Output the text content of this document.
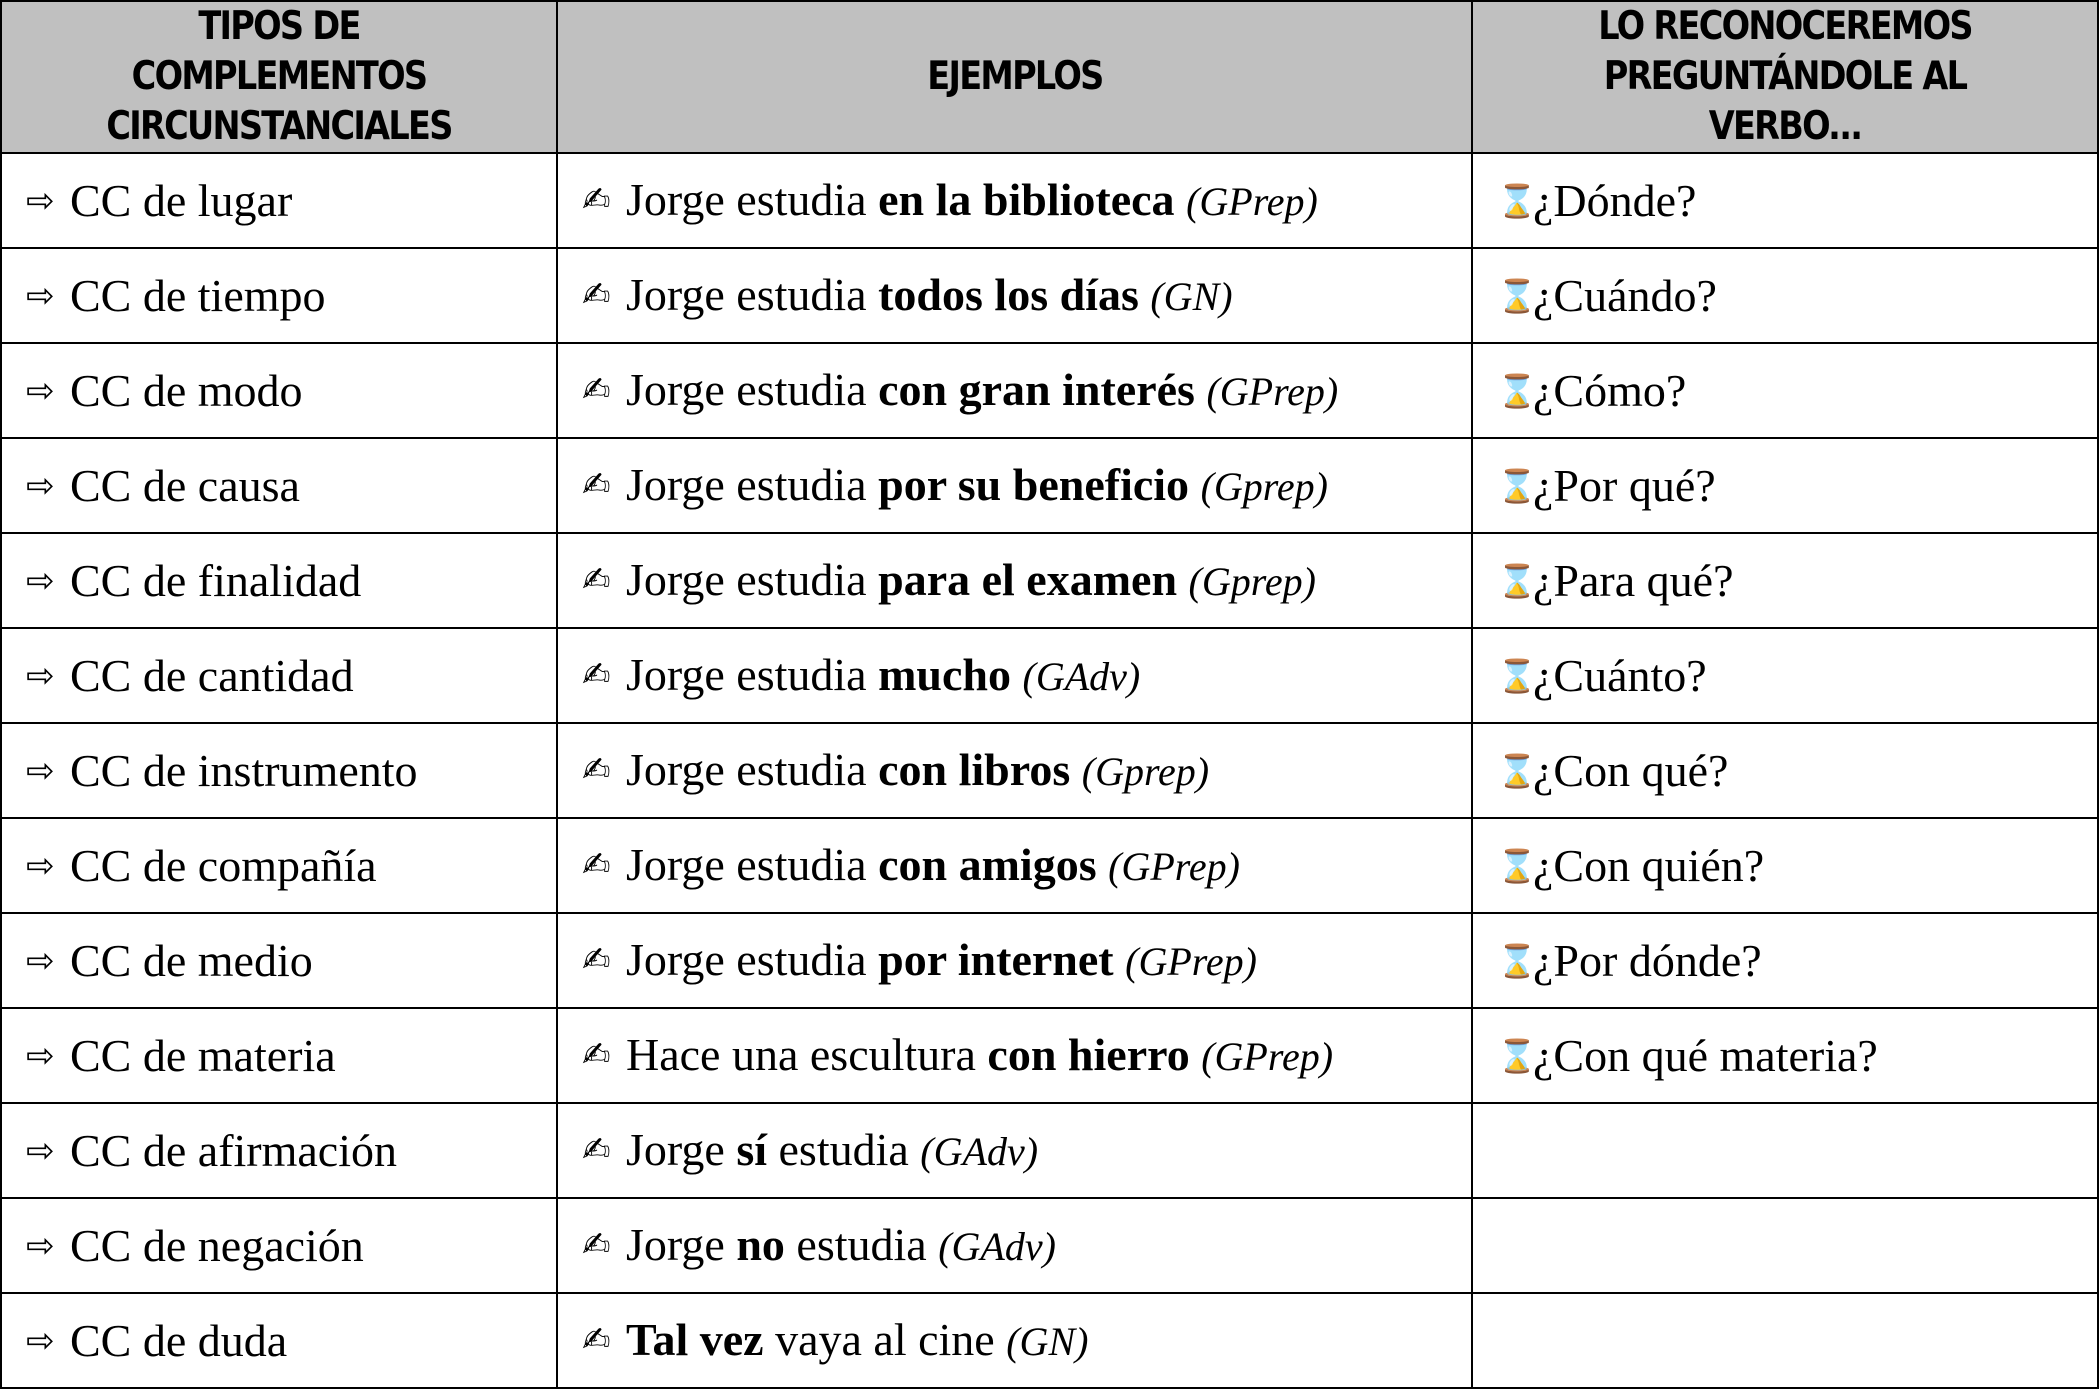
TIPOS DE COMPLEMENTOS CIRCUNSTANCIALES	EJEMPLOS	LO RECONOCEREMOS PREGUNTÁNDOLE AL VERBO...
⇨ CC de lugar	✍ Jorge estudia en la biblioteca (GPrep)	⌛¿Dónde?
⇨ CC de tiempo	✍ Jorge estudia todos los días (GN)	⌛¿Cuándo?
⇨ CC de modo	✍ Jorge estudia con gran interés (GPrep)	⌛¿Cómo?
⇨ CC de causa	✍ Jorge estudia por su beneficio (Gprep)	⌛¿Por qué?
⇨ CC de finalidad	✍ Jorge estudia para el examen (Gprep)	⌛¿Para qué?
⇨ CC de cantidad	✍ Jorge estudia mucho (GAdv)	⌛¿Cuánto?
⇨ CC de instrumento	✍ Jorge estudia con libros (Gprep)	⌛¿Con qué?
⇨ CC de compañía	✍ Jorge estudia con amigos (GPrep)	⌛¿Con quién?
⇨ CC de medio	✍ Jorge estudia por internet (GPrep)	⌛¿Por dónde?
⇨ CC de materia	✍ Hace una escultura con hierro (GPrep)	⌛¿Con qué materia?
⇨ CC de afirmación	✍ Jorge sí estudia (GAdv)	
⇨ CC de negación	✍ Jorge no estudia (GAdv)	
⇨ CC de duda	✍ Tal vez vaya al cine (GN)	
